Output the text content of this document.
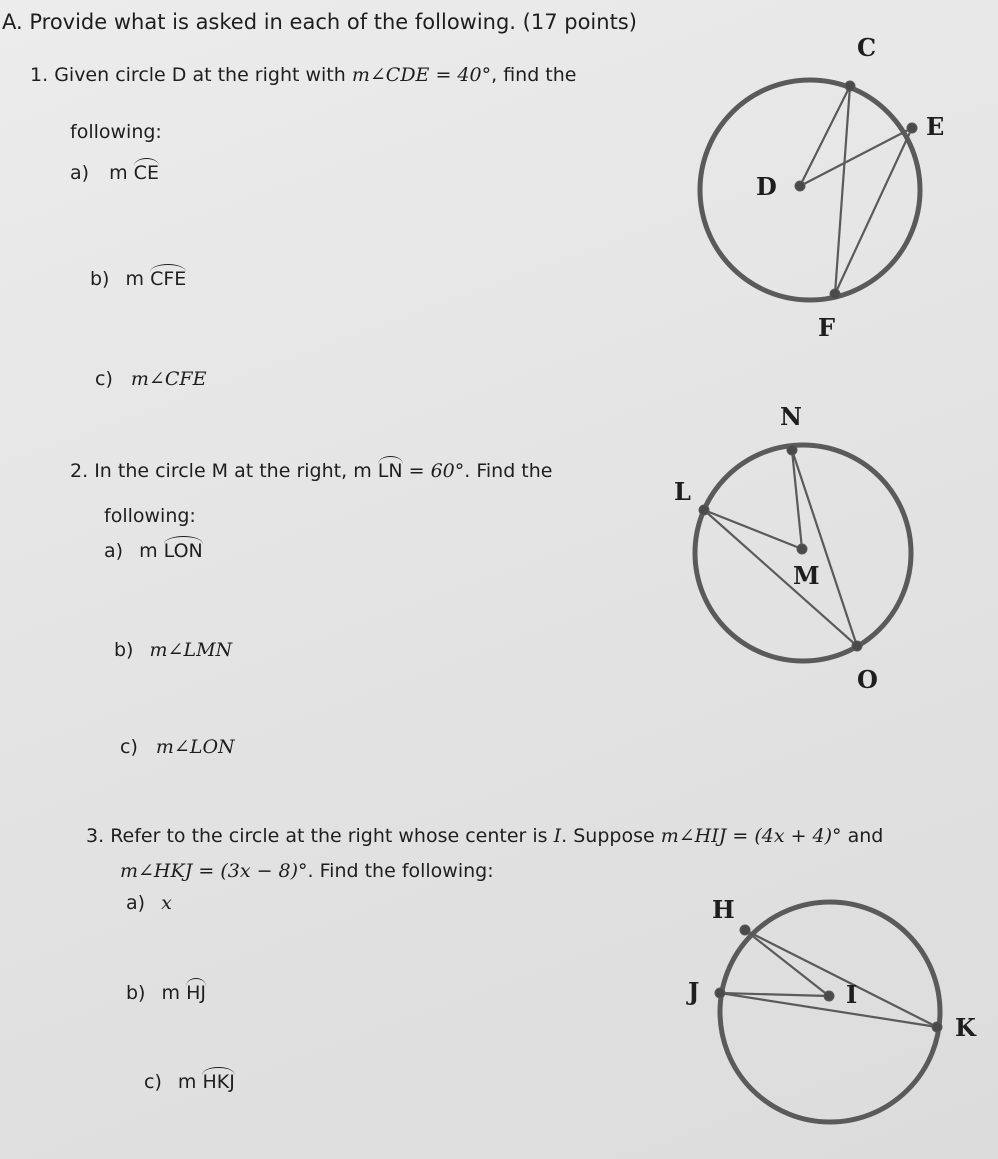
A. Provide what is asked in each of the following. (17 points)
1. Given circle D at the right with m∠CDE = 40°, find the
following:
a) m CE
b) m CFE
c) m∠CFE
2. In the circle M at the right, m LN = 60°. Find the
following:
a) m LON
b) m∠LMN
c) m∠LON
3. Refer to the circle at the right whose center is I. Suppose m∠HIJ = (4x + 4)° and
m∠HKJ = (3x − 8)°. Find the following:
a) x
b) m HJ
c) m HKJ
C
E
D
F
N
L
M
O
H
J	I
K
